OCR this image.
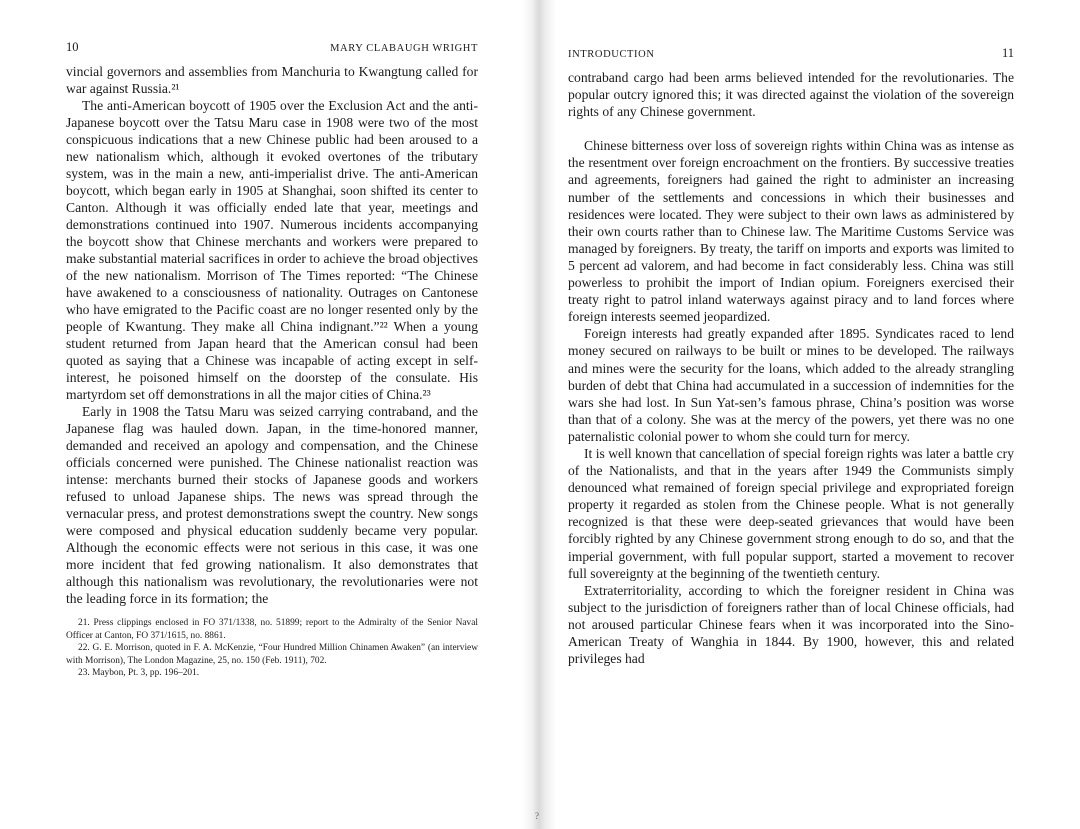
10	MARY CLABAUGH WRIGHT

vincial governors and assemblies from Manchuria to Kwangtung called for war against Russia.²¹

The anti-American boycott of 1905 over the Exclusion Act and the anti-Japanese boycott over the Tatsu Maru case in 1908 were two of the most conspicuous indications that a new Chinese public had been aroused to a new nationalism which, although it evoked overtones of the tributary system, was in the main a new, anti-imperialist drive. The anti-American boycott, which began early in 1905 at Shanghai, soon shifted its center to Canton. Although it was officially ended late that year, meetings and demonstrations continued into 1907. Numerous incidents accompanying the boycott show that Chinese merchants and workers were prepared to make substantial material sacrifices in order to achieve the broad objectives of the new nationalism. Morrison of The Times reported: “The Chinese have awakened to a consciousness of nationality. Outrages on Cantonese who have emigrated to the Pacific coast are no longer resented only by the people of Kwantung. They make all China indignant.”²² When a young student returned from Japan heard that the American consul had been quoted as saying that a Chinese was incapable of acting except in self-interest, he poisoned himself on the doorstep of the consulate. His martyrdom set off demonstrations in all the major cities of China.²³

Early in 1908 the Tatsu Maru was seized carrying contraband, and the Japanese flag was hauled down. Japan, in the time-honored manner, demanded and received an apology and compensation, and the Chinese officials concerned were punished. The Chinese nationalist reaction was intense: merchants burned their stocks of Japanese goods and workers refused to unload Japanese ships. The news was spread through the vernacular press, and protest demonstrations swept the country. New songs were composed and physical education suddenly became very popular. Although the economic effects were not serious in this case, it was one more incident that fed growing nationalism. It also demonstrates that although this nationalism was revolutionary, the revolutionaries were not the leading force in its formation; the

21. Press clippings enclosed in FO 371/1338, no. 51899; report to the Admiralty of the Senior Naval Officer at Canton, FO 371/1615, no. 8861.

22. G. E. Morrison, quoted in F. A. McKenzie, “Four Hundred Million Chinamen Awaken” (an interview with Morrison), The London Magazine, 25, no. 150 (Feb. 1911), 702.

23. Maybon, Pt. 3, pp. 196–201.

INTRODUCTION	11

contraband cargo had been arms believed intended for the revolutionaries. The popular outcry ignored this; it was directed against the violation of the sovereign rights of any Chinese government.

Chinese bitterness over loss of sovereign rights within China was as intense as the resentment over foreign encroachment on the frontiers. By successive treaties and agreements, foreigners had gained the right to administer an increasing number of the settlements and concessions in which their businesses and residences were located. They were subject to their own laws as administered by their own courts rather than to Chinese law. The Maritime Customs Service was managed by foreigners. By treaty, the tariff on imports and exports was limited to 5 percent ad valorem, and had become in fact considerably less. China was still powerless to prohibit the import of Indian opium. Foreigners exercised their treaty right to patrol inland waterways against piracy and to land forces where foreign interests seemed jeopardized.

Foreign interests had greatly expanded after 1895. Syndicates raced to lend money secured on railways to be built or mines to be developed. The railways and mines were the security for the loans, which added to the already strangling burden of debt that China had accumulated in a succession of indemnities for the wars she had lost. In Sun Yat-sen’s famous phrase, China’s position was worse than that of a colony. She was at the mercy of the powers, yet there was no one paternalistic colonial power to whom she could turn for mercy.

It is well known that cancellation of special foreign rights was later a battle cry of the Nationalists, and that in the years after 1949 the Communists simply denounced what remained of foreign special privilege and expropriated foreign property it regarded as stolen from the Chinese people. What is not generally recognized is that these were deep-seated grievances that would have been forcibly righted by any Chinese government strong enough to do so, and that the imperial government, with full popular support, started a movement to recover full sovereignty at the beginning of the twentieth century.

Extraterritoriality, according to which the foreigner resident in China was subject to the jurisdiction of foreigners rather than of local Chinese officials, had not aroused particular Chinese fears when it was incorporated into the Sino-American Treaty of Wanghia in 1844. By 1900, however, this and related privileges had

?
